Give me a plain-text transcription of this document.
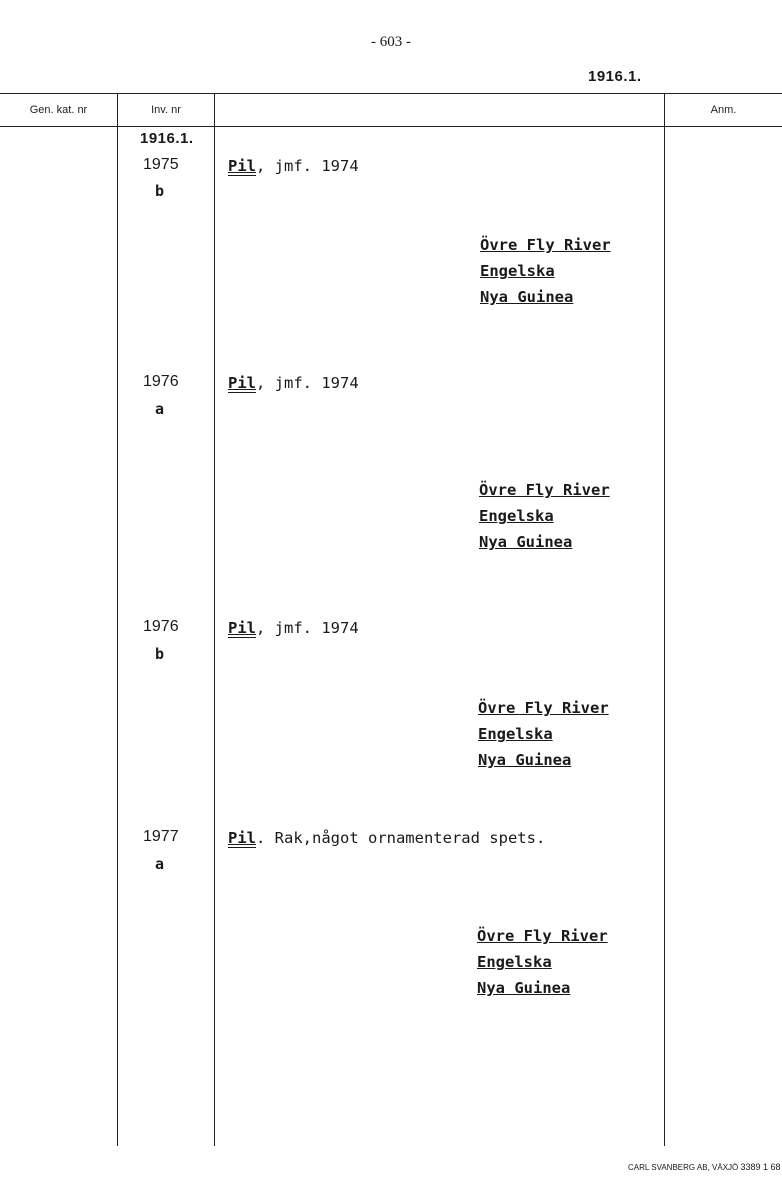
- 603 -
1916.1.
Gen. kat. nr	Inv. nr	Anm.
1916.1.
1975
b
Pil, jmf. 1974
Övre Fly River
Engelska
Nya Guinea
1976
a
Pil, jmf. 1974
Övre Fly River
Engelska
Nya Guinea
1976
b
Pil, jmf. 1974
Övre Fly River
Engelska
Nya Guinea
1977
a
Pil. Rak,något ornamenterad spets.
Övre Fly River
Engelska
Nya Guinea
CARL SVANBERG AB, VÄXJÖ 3389 1 68
